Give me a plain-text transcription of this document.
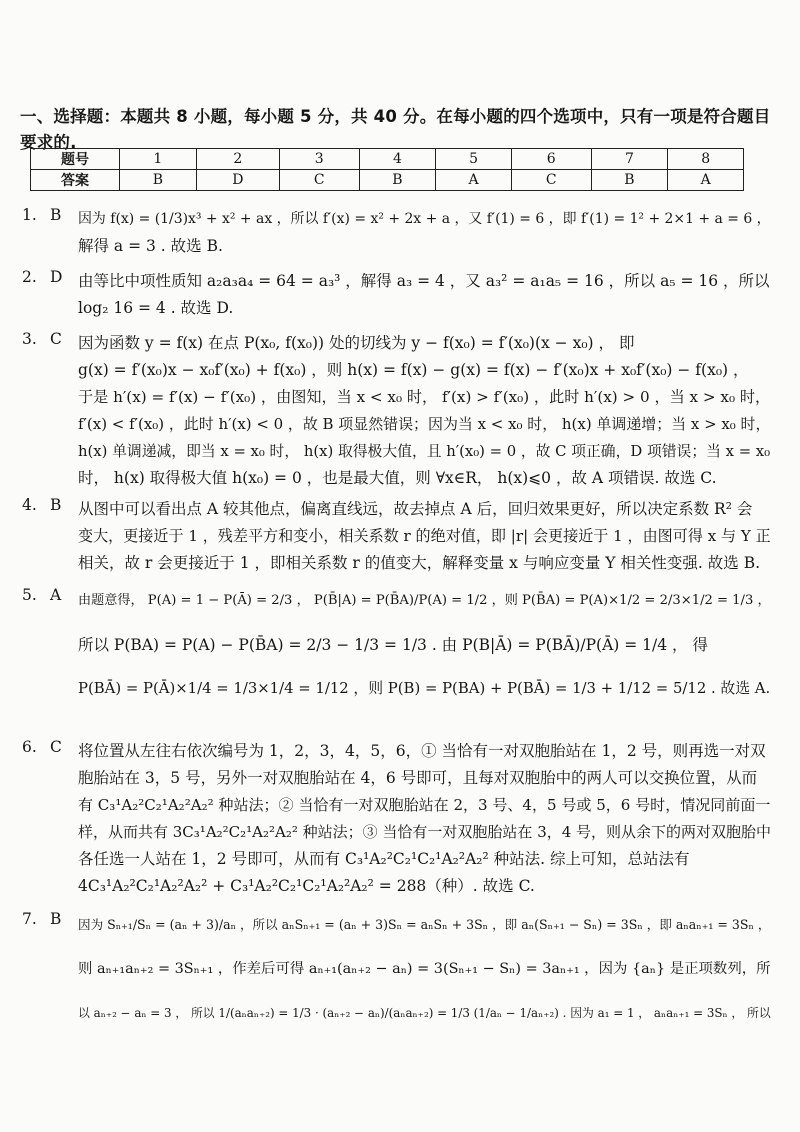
一、选择题：本题共 8 小题，每小题 5 分，共 40 分。在每小题的四个选项中，只有一项是符合题目要求的.
题号	1	2	3	4	5	6	7	8
答案	B	D	C	B	A	C	B	A
1. B	因为 f(x) = (1/3)x³ + x² + ax ，所以 f′(x) = x² + 2x + a ，又 f′(1) = 6 ，即 f′(1) = 1² + 2×1 + a = 6 ，
解得 a = 3 . 故选 B.
2. D	由等比中项性质知 a₂a₃a₄ = 64 = a₃³ ，解得 a₃ = 4 ，又 a₃² = a₁a₅ = 16 ，所以 a₅ = 16 ，所以
log₂ 16 = 4 . 故选 D.
3. C	因为函数 y = f(x) 在点 P(x₀, f(x₀)) 处的切线为 y − f(x₀) = f′(x₀)(x − x₀) ， 即
g(x) = f′(x₀)x − x₀f′(x₀) + f(x₀) ，则 h(x) = f(x) − g(x) = f(x) − f′(x₀)x + x₀f′(x₀) − f(x₀) ，
于是 h′(x) = f′(x) − f′(x₀) ，由图知，当 x < x₀ 时， f′(x) > f′(x₀) ，此时 h′(x) > 0 ，当 x > x₀ 时，
f′(x) < f′(x₀) ，此时 h′(x) < 0 ，故 B 项显然错误；因为当 x < x₀ 时， h(x) 单调递增；当 x > x₀ 时，
h(x) 单调递减，即当 x = x₀ 时， h(x) 取得极大值，且 h′(x₀) = 0 ，故 C 项正确，D 项错误；当 x = x₀
时， h(x) 取得极大值 h(x₀) = 0 ，也是最大值，则 ∀x∈R， h(x)⩽0 ，故 A 项错误. 故选 C.
4. B	从图中可以看出点 A 较其他点，偏离直线远，故去掉点 A 后，回归效果更好，所以决定系数 R² 会
变大，更接近于 1 ，残差平方和变小，相关系数 r 的绝对值，即 |r| 会更接近于 1 ，由图可得 x 与 Y 正
相关，故 r 会更接近于 1 ，即相关系数 r 的值变大，解释变量 x 与响应变量 Y 相关性变强. 故选 B.
5. A	由题意得， P(A) = 1 − P(Ā) = 2/3 ， P(B̄|A) = P(B̄A)/P(A) = 1/2 ，则 P(B̄A) = P(A)×1/2 = 2/3×1/2 = 1/3 ，
所以 P(BA) = P(A) − P(B̄A) = 2/3 − 1/3 = 1/3 . 由 P(B|Ā) = P(BĀ)/P(Ā) = 1/4 ， 得
P(BĀ) = P(Ā)×1/4 = 1/3×1/4 = 1/12 ，则 P(B) = P(BA) + P(BĀ) = 1/3 + 1/12 = 5/12 . 故选 A.
6. C	将位置从左往右依次编号为 1，2，3，4，5，6，① 当恰有一对双胞胎站在 1，2 号，则再选一对双
胞胎站在 3，5 号，另外一对双胞胎站在 4，6 号即可，且每对双胞胎中的两人可以交换位置，从而
有 C₃¹A₂²C₂¹A₂²A₂² 种站法；② 当恰有一对双胞胎站在 2，3 号、4，5 号或 5，6 号时，情况同前面一
样，从而共有 3C₃¹A₂²C₂¹A₂²A₂² 种站法；③ 当恰有一对双胞胎站在 3，4 号，则从余下的两对双胞胎中
各任选一人站在 1，2 号即可，从而有 C₃¹A₂²C₂¹C₂¹A₂²A₂² 种站法. 综上可知，总站法有
4C₃¹A₂²C₂¹A₂²A₂² + C₃¹A₂²C₂¹C₂¹A₂²A₂² = 288（种）. 故选 C.
7. B	因为 Sₙ₊₁/Sₙ = (aₙ + 3)/aₙ ，所以 aₙSₙ₊₁ = (aₙ + 3)Sₙ = aₙSₙ + 3Sₙ ，即 aₙ(Sₙ₊₁ − Sₙ) = 3Sₙ ，即 aₙaₙ₊₁ = 3Sₙ ，
则 aₙ₊₁aₙ₊₂ = 3Sₙ₊₁ ，作差后可得 aₙ₊₁(aₙ₊₂ − aₙ) = 3(Sₙ₊₁ − Sₙ) = 3aₙ₊₁ ，因为 {aₙ} 是正项数列，所
以 aₙ₊₂ − aₙ = 3 ， 所以 1/(aₙaₙ₊₂) = 1/3 · (aₙ₊₂ − aₙ)/(aₙaₙ₊₂) = 1/3 (1/aₙ − 1/aₙ₊₂) . 因为 a₁ = 1 ， aₙaₙ₊₁ = 3Sₙ ， 所以
